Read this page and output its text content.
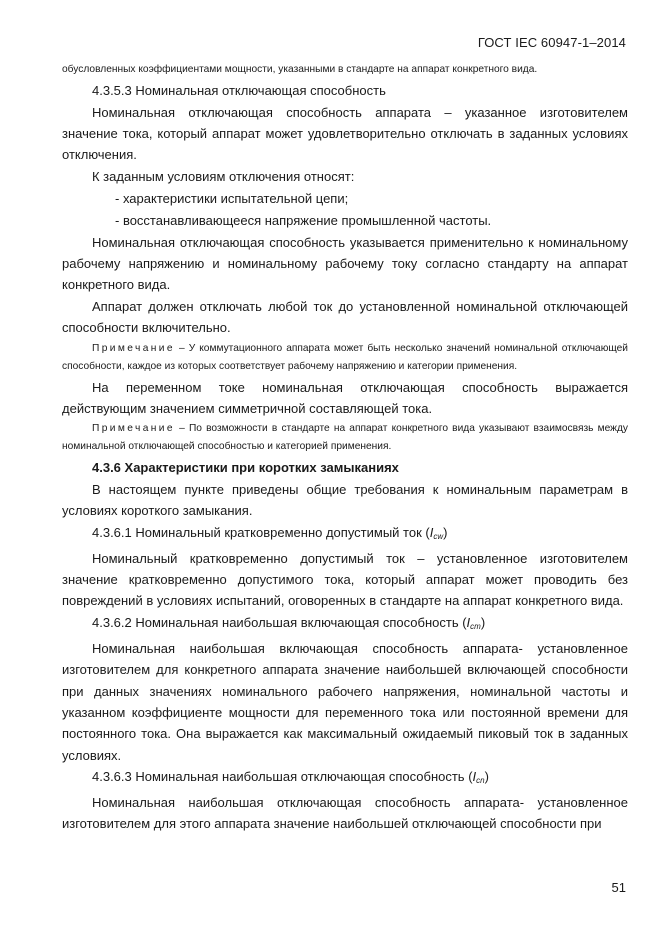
ГОСТ IEC 60947-1–2014

обусловленных коэффициентами мощности, указанными в стандарте на аппарат конкретного вида.

4.3.5.3 Номинальная отключающая способность

Номинальная отключающая способность аппарата – указанное изготовителем значение тока, который аппарат может удовлетворительно отключать в заданных условиях отключения.

К заданным условиям отключения относят:

- характеристики испытательной цепи;

- восстанавливающееся напряжение промышленной частоты.

Номинальная отключающая способность указывается применительно к номинальному рабочему напряжению и номинальному рабочему току согласно стандарту на аппарат конкретного вида.

Аппарат должен отключать любой ток до установленной номинальной отключающей способности включительно.

Примечание – У коммутационного аппарата может быть несколько значений номинальной отключающей способности, каждое из которых соответствует рабочему напряжению и категории применения.

На переменном токе номинальная отключающая способность выражается действующим значением симметричной составляющей тока.

Примечание – По возможности в стандарте на аппарат конкретного вида указывают взаимосвязь между номинальной отключающей способностью и категорией применения.

4.3.6 Характеристики при коротких замыканиях

В настоящем пункте приведены общие требования к номинальным параметрам в условиях короткого замыкания.

4.3.6.1 Номинальный кратковременно допустимый ток $(I_{cw})$

Номинальный кратковременно допустимый ток – установленное изготовителем значение кратковременно допустимого тока, который аппарат может проводить без повреждений в условиях испытаний, оговоренных в стандарте на аппарат конкретного вида.

4.3.6.2 Номинальная наибольшая включающая способность $(I_{cm})$

Номинальная наибольшая включающая способность аппарата- установленное изготовителем для конкретного аппарата значение наибольшей включающей способности при данных значениях номинального рабочего напряжения, номинальной частоты и указанном коэффициенте мощности для переменного тока или постоянной времени для постоянного тока. Она выражается как максимальный ожидаемый пиковый ток в заданных условиях.

4.3.6.3 Номинальная наибольшая отключающая способность $(I_{cn})$

Номинальная наибольшая отключающая способность аппарата- установленное изготовителем для этого аппарата значение наибольшей отключающей способности при

51
